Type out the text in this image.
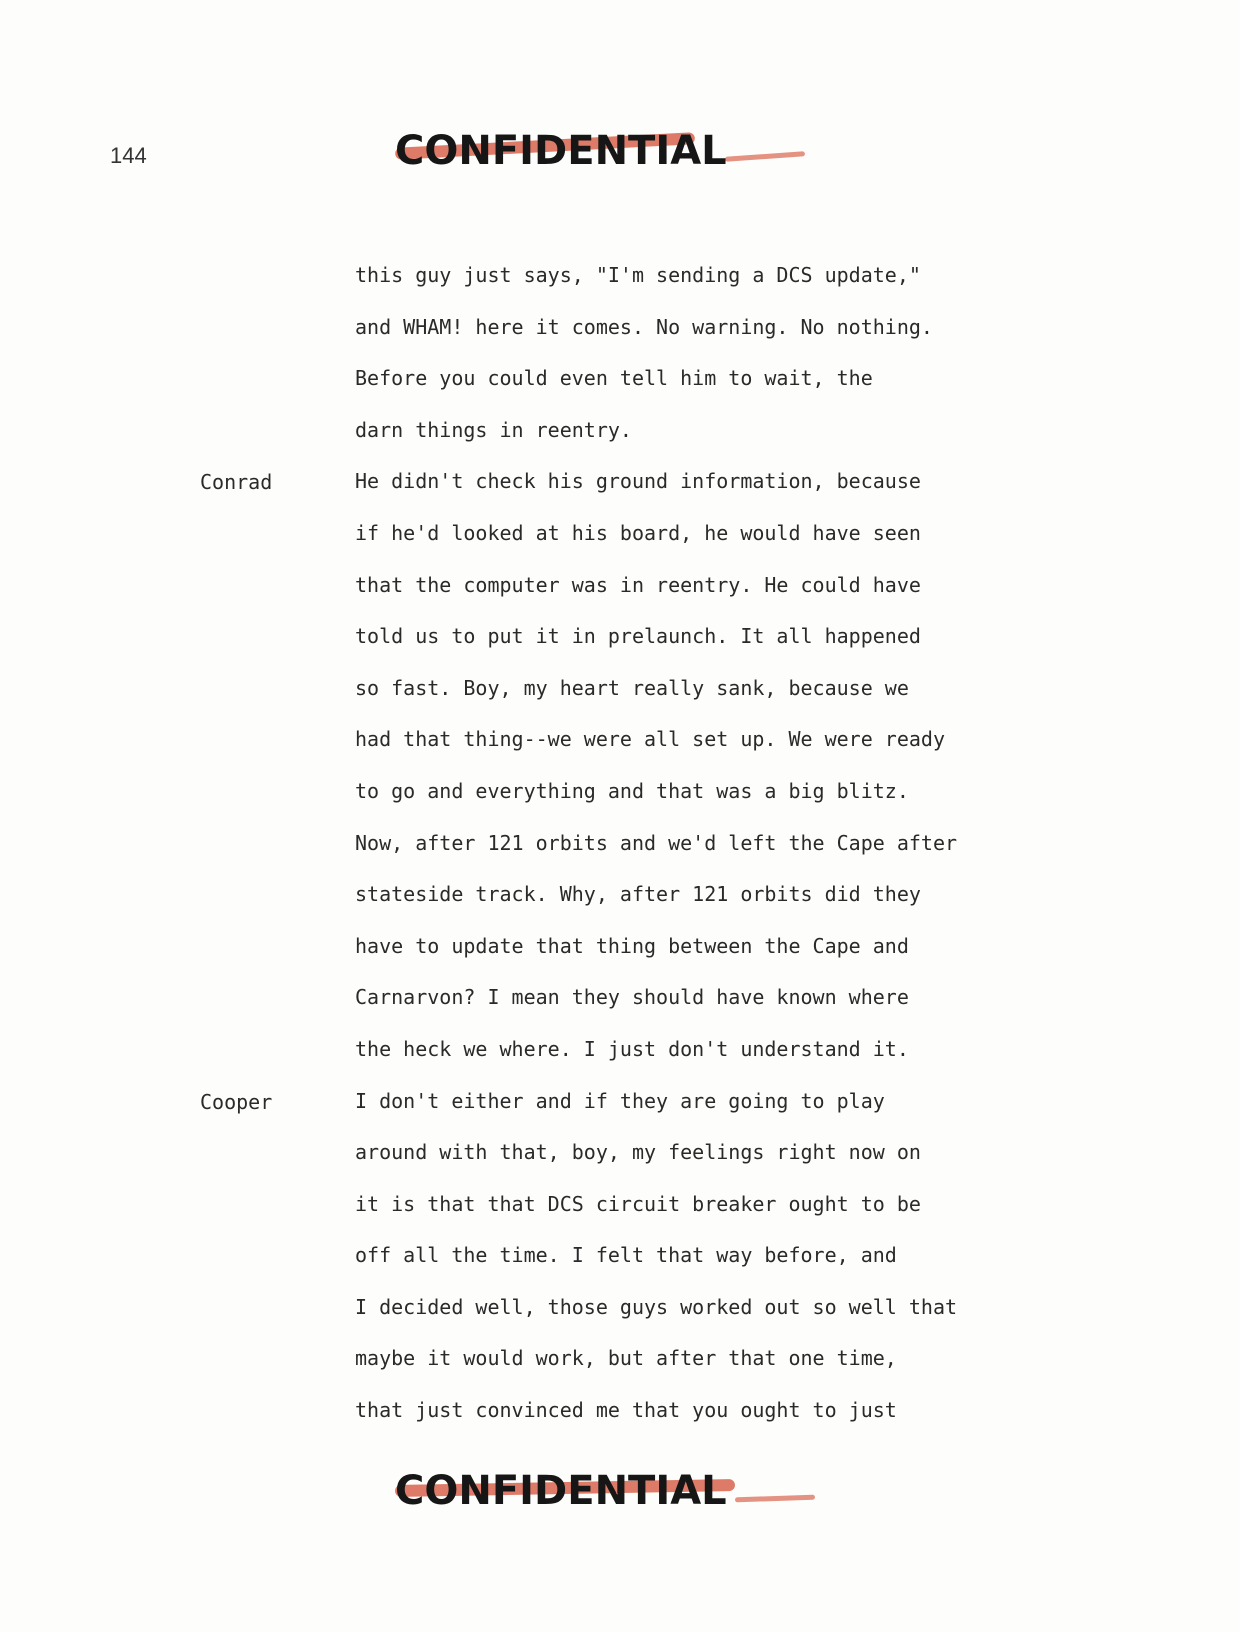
144	CONFIDENTIAL
this guy just says, "I'm sending a DCS update,"
and WHAM! here it comes. No warning. No nothing.
Before you could even tell him to wait, the
darn things in reentry.
Conrad	He didn't check his ground information, because
if he'd looked at his board, he would have seen
that the computer was in reentry. He could have
told us to put it in prelaunch. It all happened
so fast. Boy, my heart really sank, because we
had that thing--we were all set up. We were ready
to go and everything and that was a big blitz.
Now, after 121 orbits and we'd left the Cape after
stateside track. Why, after 121 orbits did they
have to update that thing between the Cape and
Carnarvon? I mean they should have known where
the heck we where. I just don't understand it.
Cooper	I don't either and if they are going to play
around with that, boy, my feelings right now on
it is that that DCS circuit breaker ought to be
off all the time. I felt that way before, and
I decided well, those guys worked out so well that
maybe it would work, but after that one time,
that just convinced me that you ought to just
CONFIDENTIAL
